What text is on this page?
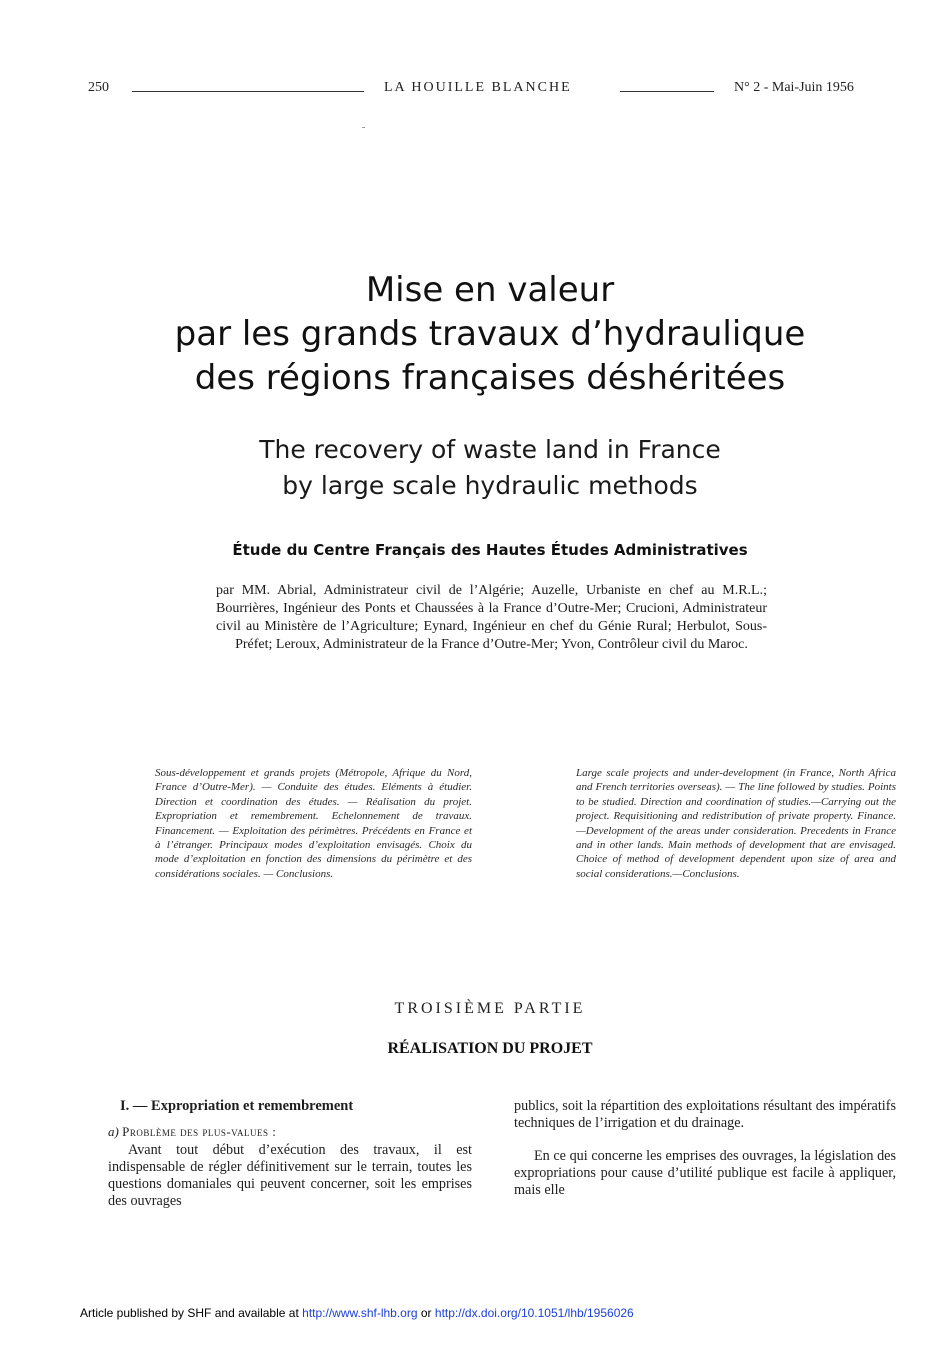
250	LA HOUILLE BLANCHE	N° 2 - Mai-Juin 1956
Mise en valeur
par les grands travaux d’hydraulique
des régions françaises déshéritées
The recovery of waste land in France
by large scale hydraulic methods
Étude du Centre Français des Hautes Études Administratives
par MM. Abrial, Administrateur civil de l’Algérie; Auzelle, Urbaniste en chef au M.R.L.; Bourrières, Ingénieur des Ponts et Chaussées à la France d’Outre-Mer; Crucioni, Administrateur civil au Ministère de l’Agriculture; Eynard, Ingénieur en chef du Génie Rural; Herbulot, Sous-Préfet; Leroux, Administrateur de la France d’Outre-Mer; Yvon, Contrôleur civil du Maroc.
Sous-développement et grands projets (Métropole, Afrique du Nord, France d’Outre-Mer). — Conduite des études. Eléments à étudier. Direction et coordination des études. — Réalisation du projet. Expropriation et remembrement. Echelonnement de travaux. Financement. — Exploitation des périmètres. Précédents en France et à l’étranger. Principaux modes d’exploitation envisagés. Choix du mode d’exploitation en fonction des dimensions du périmètre et des considérations sociales. — Conclusions.
Large scale projects and under-development (in France, North Africa and French territories overseas). — The line followed by studies. Points to be studied. Direction and coordination of studies.—Carrying out the project. Requisitioning and redistribution of private property. Finance.—Development of the areas under consideration. Precedents in France and in other lands. Main methods of development that are envisaged. Choice of method of development dependent upon size of area and social considerations.—Conclusions.
TROISIÈME PARTIE
RÉALISATION DU PROJET
I. — Expropriation et remembrement
a) Problème des plus-values :

Avant tout début d’exécution des travaux, il est indispensable de régler définitivement sur le terrain, toutes les questions domaniales qui peuvent concerner, soit les emprises des ouvrages

publics, soit la répartition des exploitations résultant des impératifs techniques de l’irrigation et du drainage.

En ce qui concerne les emprises des ouvrages, la législation des expropriations pour cause d’utilité publique est facile à appliquer, mais elle

Article published by SHF and available at http://www.shf-lhb.org or http://dx.doi.org/10.1051/lhb/1956026
